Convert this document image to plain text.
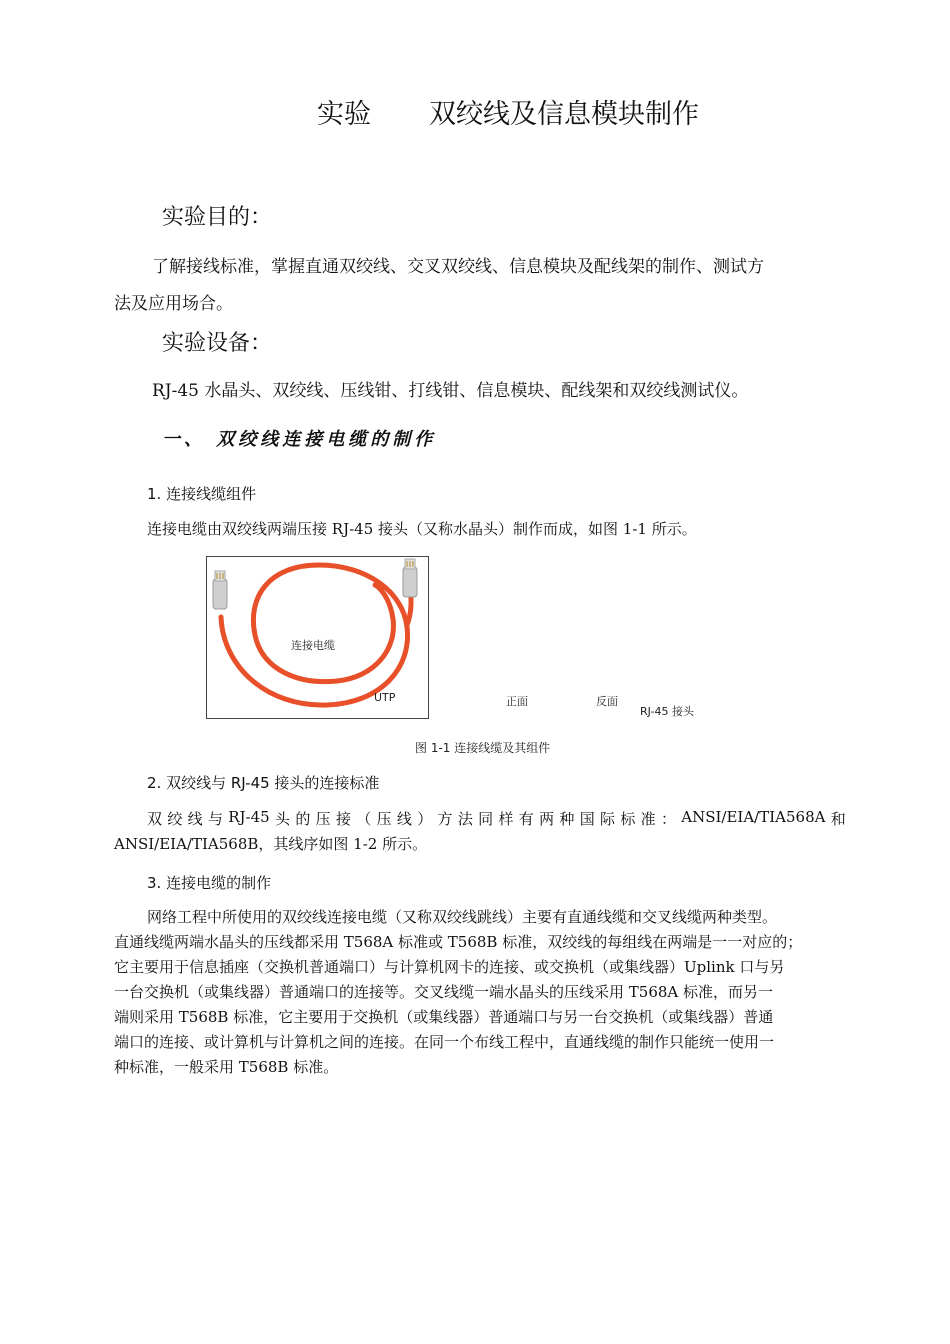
实验 双绞线及信息模块制作
实验目的：
了解接线标准，掌握直通双绞线、交叉双绞线、信息模块及配线架的制作、测试方
法及应用场合。
实验设备：
RJ-45 水晶头、双绞线、压线钳、打线钳、信息模块、配线架和双绞线测试仪。
一、 双绞线连接电缆的制作
1. 连接线缆组件
连接电缆由双绞线两端压接 RJ-45 接头（又称水晶头）制作而成，如图 1-1 所示。
连接电缆
UTP	正面	反面
RJ-45 接头
图 1-1 连接线缆及其组件
2. 双绞线与 RJ-45 接头的连接标准
双 绞 线 与 RJ-45 头 的 压 接 （ 压 线 ） 方 法 同 样 有 两 种 国 际 标 准 ： ANSI/EIA/TIA568A 和
ANSI/EIA/TIA568B，其线序如图 1-2 所示。
3. 连接电缆的制作
网络工程中所使用的双绞线连接电缆（又称双绞线跳线）主要有直通线缆和交叉线缆两种类型。
直通线缆两端水晶头的压线都采用 T568A 标准或 T568B 标准，双绞线的每组线在两端是一一对应的；
它主要用于信息插座（交换机普通端口）与计算机网卡的连接、或交换机（或集线器）Uplink 口与另
一台交换机（或集线器）普通端口的连接等。交叉线缆一端水晶头的压线采用 T568A 标准，而另一
端则采用 T568B 标准，它主要用于交换机（或集线器）普通端口与另一台交换机（或集线器）普通
端口的连接、或计算机与计算机之间的连接。在同一个布线工程中，直通线缆的制作只能统一使用一
种标准，一般采用 T568B 标准。
